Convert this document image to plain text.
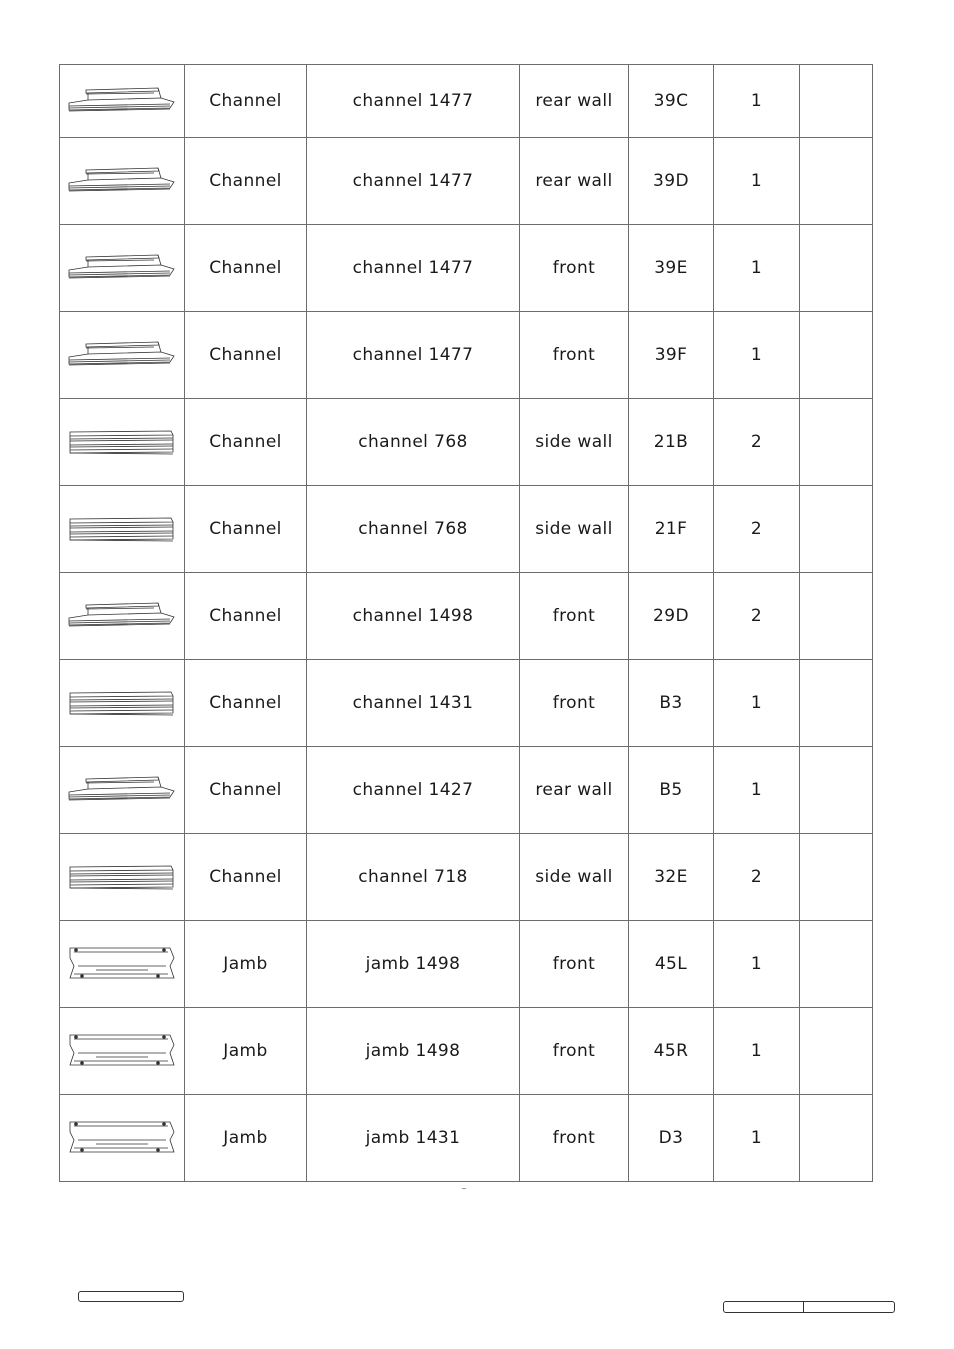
	Channel	channel 1477	rear wall	39C	1	

	Channel	channel 1477	rear wall	39D	1	

	Channel	channel 1477	front	39E	1	

	Channel	channel 1477	front	39F	1	

	Channel	channel 768	side wall	21B	2	

	Channel	channel 768	side wall	21F	2	

	Channel	channel 1498	front	29D	2	

	Channel	channel 1431	front	B3	1	

	Channel	channel 1427	rear wall	B5	1	

	Channel	channel 718	side wall	32E	2	

	Jamb	jamb 1498	front	45L	1	

	Jamb	jamb 1498	front	45R	1	

	Jamb	jamb 1431	front	D3	1	
